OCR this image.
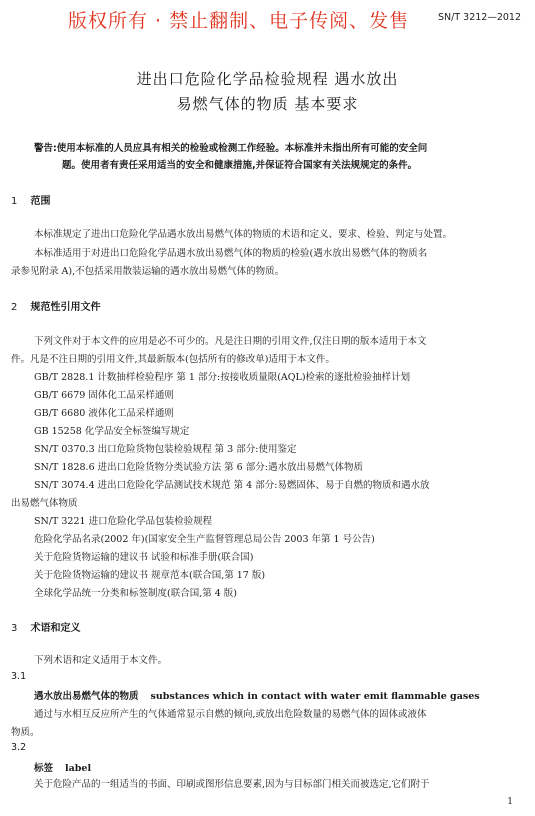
版权所有 · 禁止翻制、电子传阅、发售	SN/T 3212—2012
进出口危险化学品检验规程 遇水放出
易燃气体的物质 基本要求
警告:使用本标准的人员应具有相关的检验或检测工作经验。本标准并未指出所有可能的安全问
题。使用者有责任采用适当的安全和健康措施,并保证符合国家有关法规规定的条件。
1 范围
本标准规定了进出口危险化学品遇水放出易燃气体的物质的术语和定义、要求、检验、判定与处置。
本标准适用于对进出口危险化学品遇水放出易燃气体的物质的检验(遇水放出易燃气体的物质名
录参见附录 A),不包括采用散装运输的遇水放出易燃气体的物质。
2 规范性引用文件
下列文件对于本文件的应用是必不可少的。凡是注日期的引用文件,仅注日期的版本适用于本文
件。凡是不注日期的引用文件,其最新版本(包括所有的修改单)适用于本文件。
GB/T 2828.1 计数抽样检验程序 第 1 部分:按接收质量限(AQL)检索的逐批检验抽样计划
GB/T 6679 固体化工品采样通则
GB/T 6680 液体化工品采样通则
GB 15258 化学品安全标签编写规定
SN/T 0370.3 出口危险货物包装检验规程 第 3 部分:使用鉴定
SN/T 1828.6 进出口危险货物分类试验方法 第 6 部分:遇水放出易燃气体物质
SN/T 3074.4 进出口危险化学品测试技术规范 第 4 部分:易燃固体、易于自燃的物质和遇水放
出易燃气体物质
SN/T 3221 进口危险化学品包装检验规程
危险化学品名录(2002 年)(国家安全生产监督管理总局公告 2003 年第 1 号公告)
关于危险货物运输的建议书 试验和标准手册(联合国)
关于危险货物运输的建议书 规章范本(联合国,第 17 版)
全球化学品统一分类和标签制度(联合国,第 4 版)
3 术语和定义
下列术语和定义适用于本文件。
3.1
遇水放出易燃气体的物质 substances which in contact with water emit flammable gases
通过与水相互反应所产生的气体通常显示自燃的倾向,或放出危险数量的易燃气体的固体或液体
物质。
3.2
标签 label
关于危险产品的一组适当的书面、印刷或图形信息要素,因为与目标部门相关而被选定,它们附于
1
